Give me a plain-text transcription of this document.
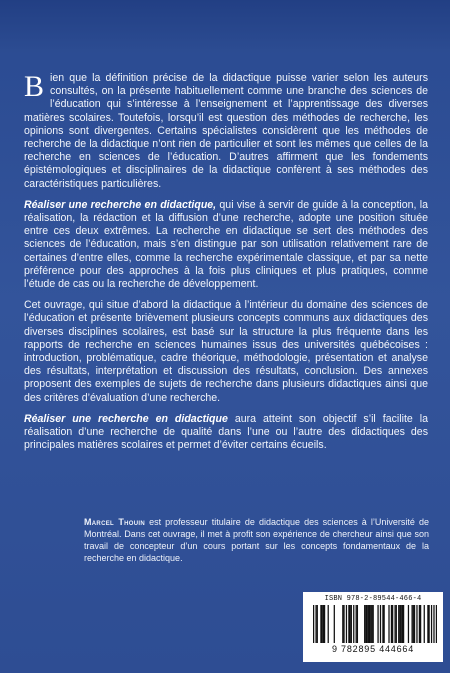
Bien que la définition précise de la didactique puisse varier selon les auteurs consultés, on la présente habituellement comme une branche des sciences de l’éducation qui s’intéresse à l’enseignement et l’apprentissage des diverses matières scolaires. Toutefois, lorsqu’il est question des méthodes de recherche, les opinions sont divergentes. Certains spécialistes considèrent que les méthodes de recherche de la didactique n’ont rien de particulier et sont les mêmes que celles de la recherche en sciences de l’éducation. D’autres affirment que les fondements épistémologiques et disciplinaires de la didactique confèrent à ses méthodes des caractéristiques particulières.

Réaliser une recherche en didactique, qui vise à servir de guide à la conception, la réalisation, la rédaction et la diffusion d’une recherche, adopte une position située entre ces deux extrêmes. La recherche en didactique se sert des méthodes des sciences de l’éducation, mais s’en distingue par son utilisation relativement rare de certaines d’entre elles, comme la recherche expérimentale classique, et par sa nette préférence pour des approches à la fois plus cliniques et plus pratiques, comme l’étude de cas ou la recherche de développement.

Cet ouvrage, qui situe d’abord la didactique à l’intérieur du domaine des sciences de l’éducation et présente brièvement plusieurs concepts communs aux didactiques des diverses disciplines scolaires, est basé sur la structure la plus fréquente dans les rapports de recherche en sciences humaines issus des universités québécoises : introduction, problématique, cadre théorique, méthodologie, présentation et analyse des résultats, interprétation et discussion des résultats, conclusion. Des annexes proposent des exemples de sujets de recherche dans plusieurs didactiques ainsi que des critères d’évaluation d’une recherche.

Réaliser une recherche en didactique aura atteint son objectif s’il facilite la réalisation d’une recherche de qualité dans l’une ou l’autre des didactiques des principales matières scolaires et permet d’éviter certains écueils.

Marcel Thouin est professeur titulaire de didactique des sciences à l’Université de Montréal. Dans cet ouvrage, il met à profit son expérience de chercheur ainsi que son travail de concepteur d’un cours portant sur les concepts fondamentaux de la recherche en didactique.
ISBN 978-2-89544-466-4
9 782895 444664
